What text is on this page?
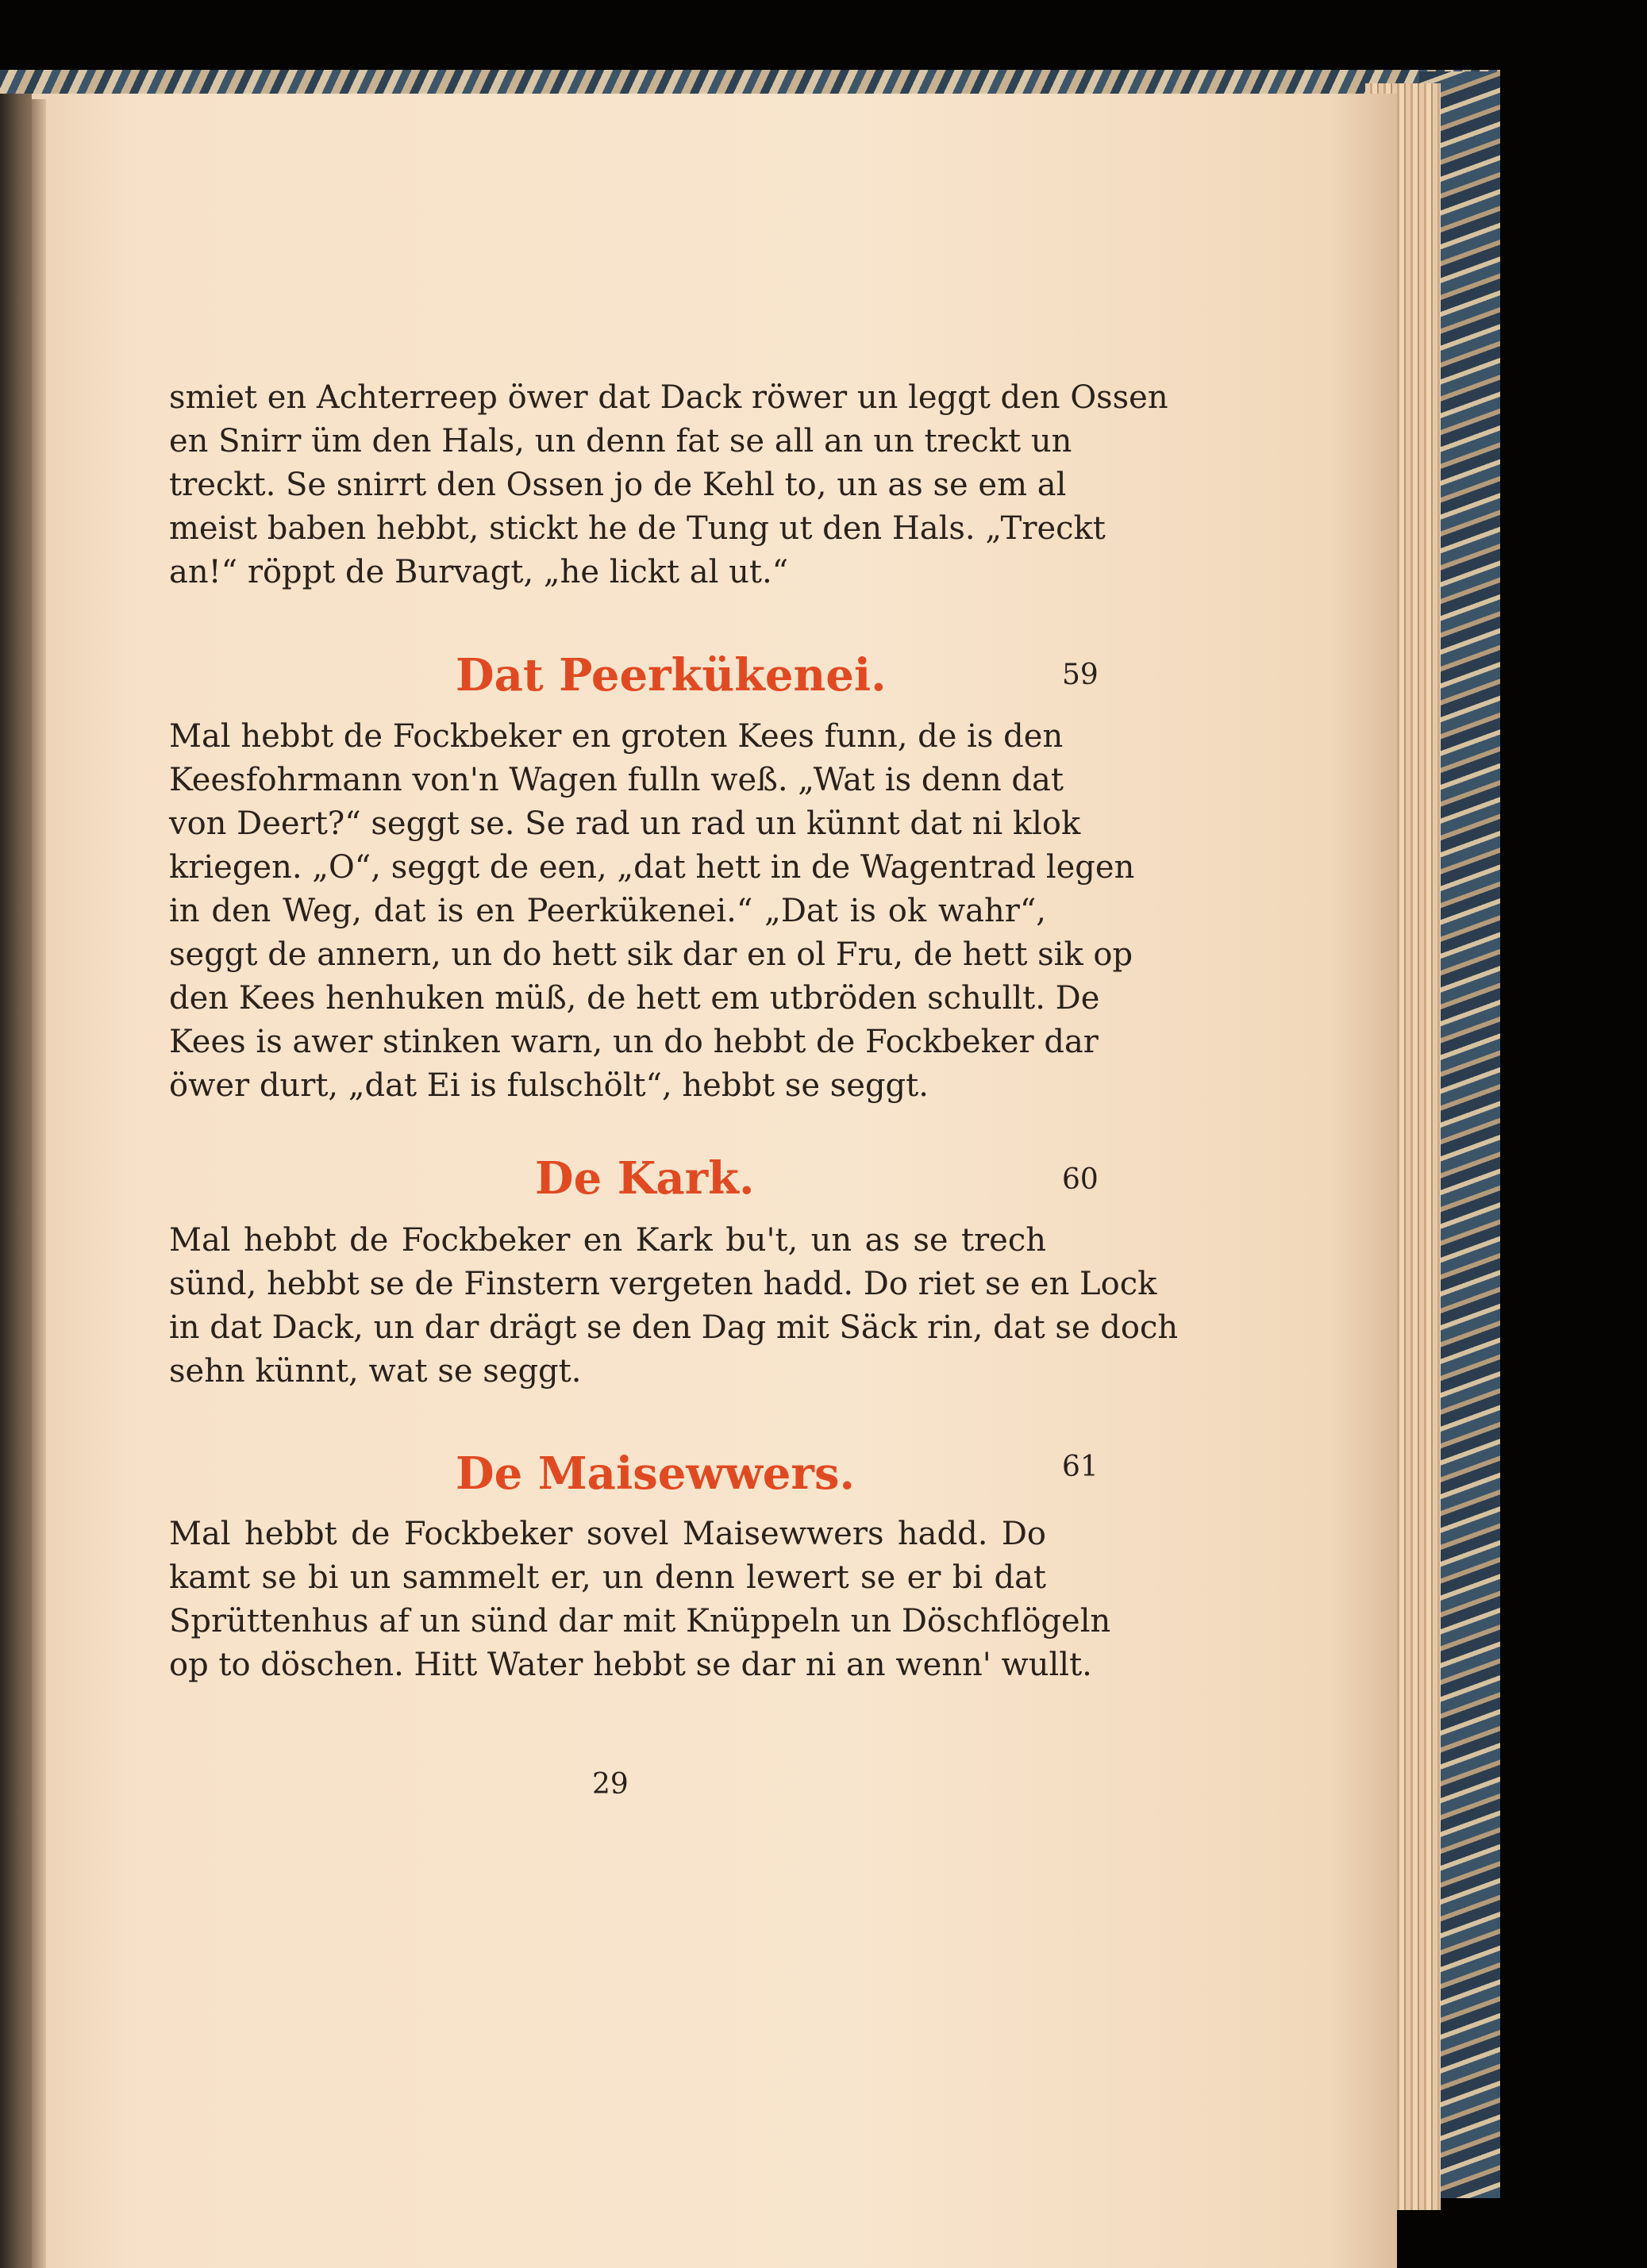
smiet en Achterreep öwer dat Dack röwer un leggt den Ossen
en Snirr üm den Hals, un denn fat se all an un treckt un
treckt. Se snirrt den Ossen jo de Kehl to, un as se em al
meist baben hebbt, stickt he de Tung ut den Hals. „Treckt
an!“ röppt de Burvagt, „he lickt al ut.“
Dat Peerkükenei.	59
Mal hebbt de Fockbeker en groten Kees funn, de is den
Keesfohrmann von'n Wagen fulln weß. „Wat is denn dat
von Deert?“ seggt se. Se rad un rad un künnt dat ni klok
kriegen. „O“, seggt de een, „dat hett in de Wagentrad legen
in den Weg, dat is en Peerkükenei.“ „Dat is ok wahr“,
seggt de annern, un do hett sik dar en ol Fru, de hett sik op
den Kees henhuken müß, de hett em utbröden schullt. De
Kees is awer stinken warn, un do hebbt de Fockbeker dar
öwer durt, „dat Ei is fulschölt“, hebbt se seggt.
De Kark.	60
Mal hebbt de Fockbeker en Kark bu't, un as se trech
sünd, hebbt se de Finstern vergeten hadd. Do riet se en Lock
in dat Dack, un dar drägt se den Dag mit Säck rin, dat se doch
sehn künnt, wat se seggt.
De Maisewwers.	61
Mal hebbt de Fockbeker sovel Maisewwers hadd. Do
kamt se bi un sammelt er, un denn lewert se er bi dat
Sprüttenhus af un sünd dar mit Knüppeln un Döschflögeln
op to döschen. Hitt Water hebbt se dar ni an wenn' wullt.
29
